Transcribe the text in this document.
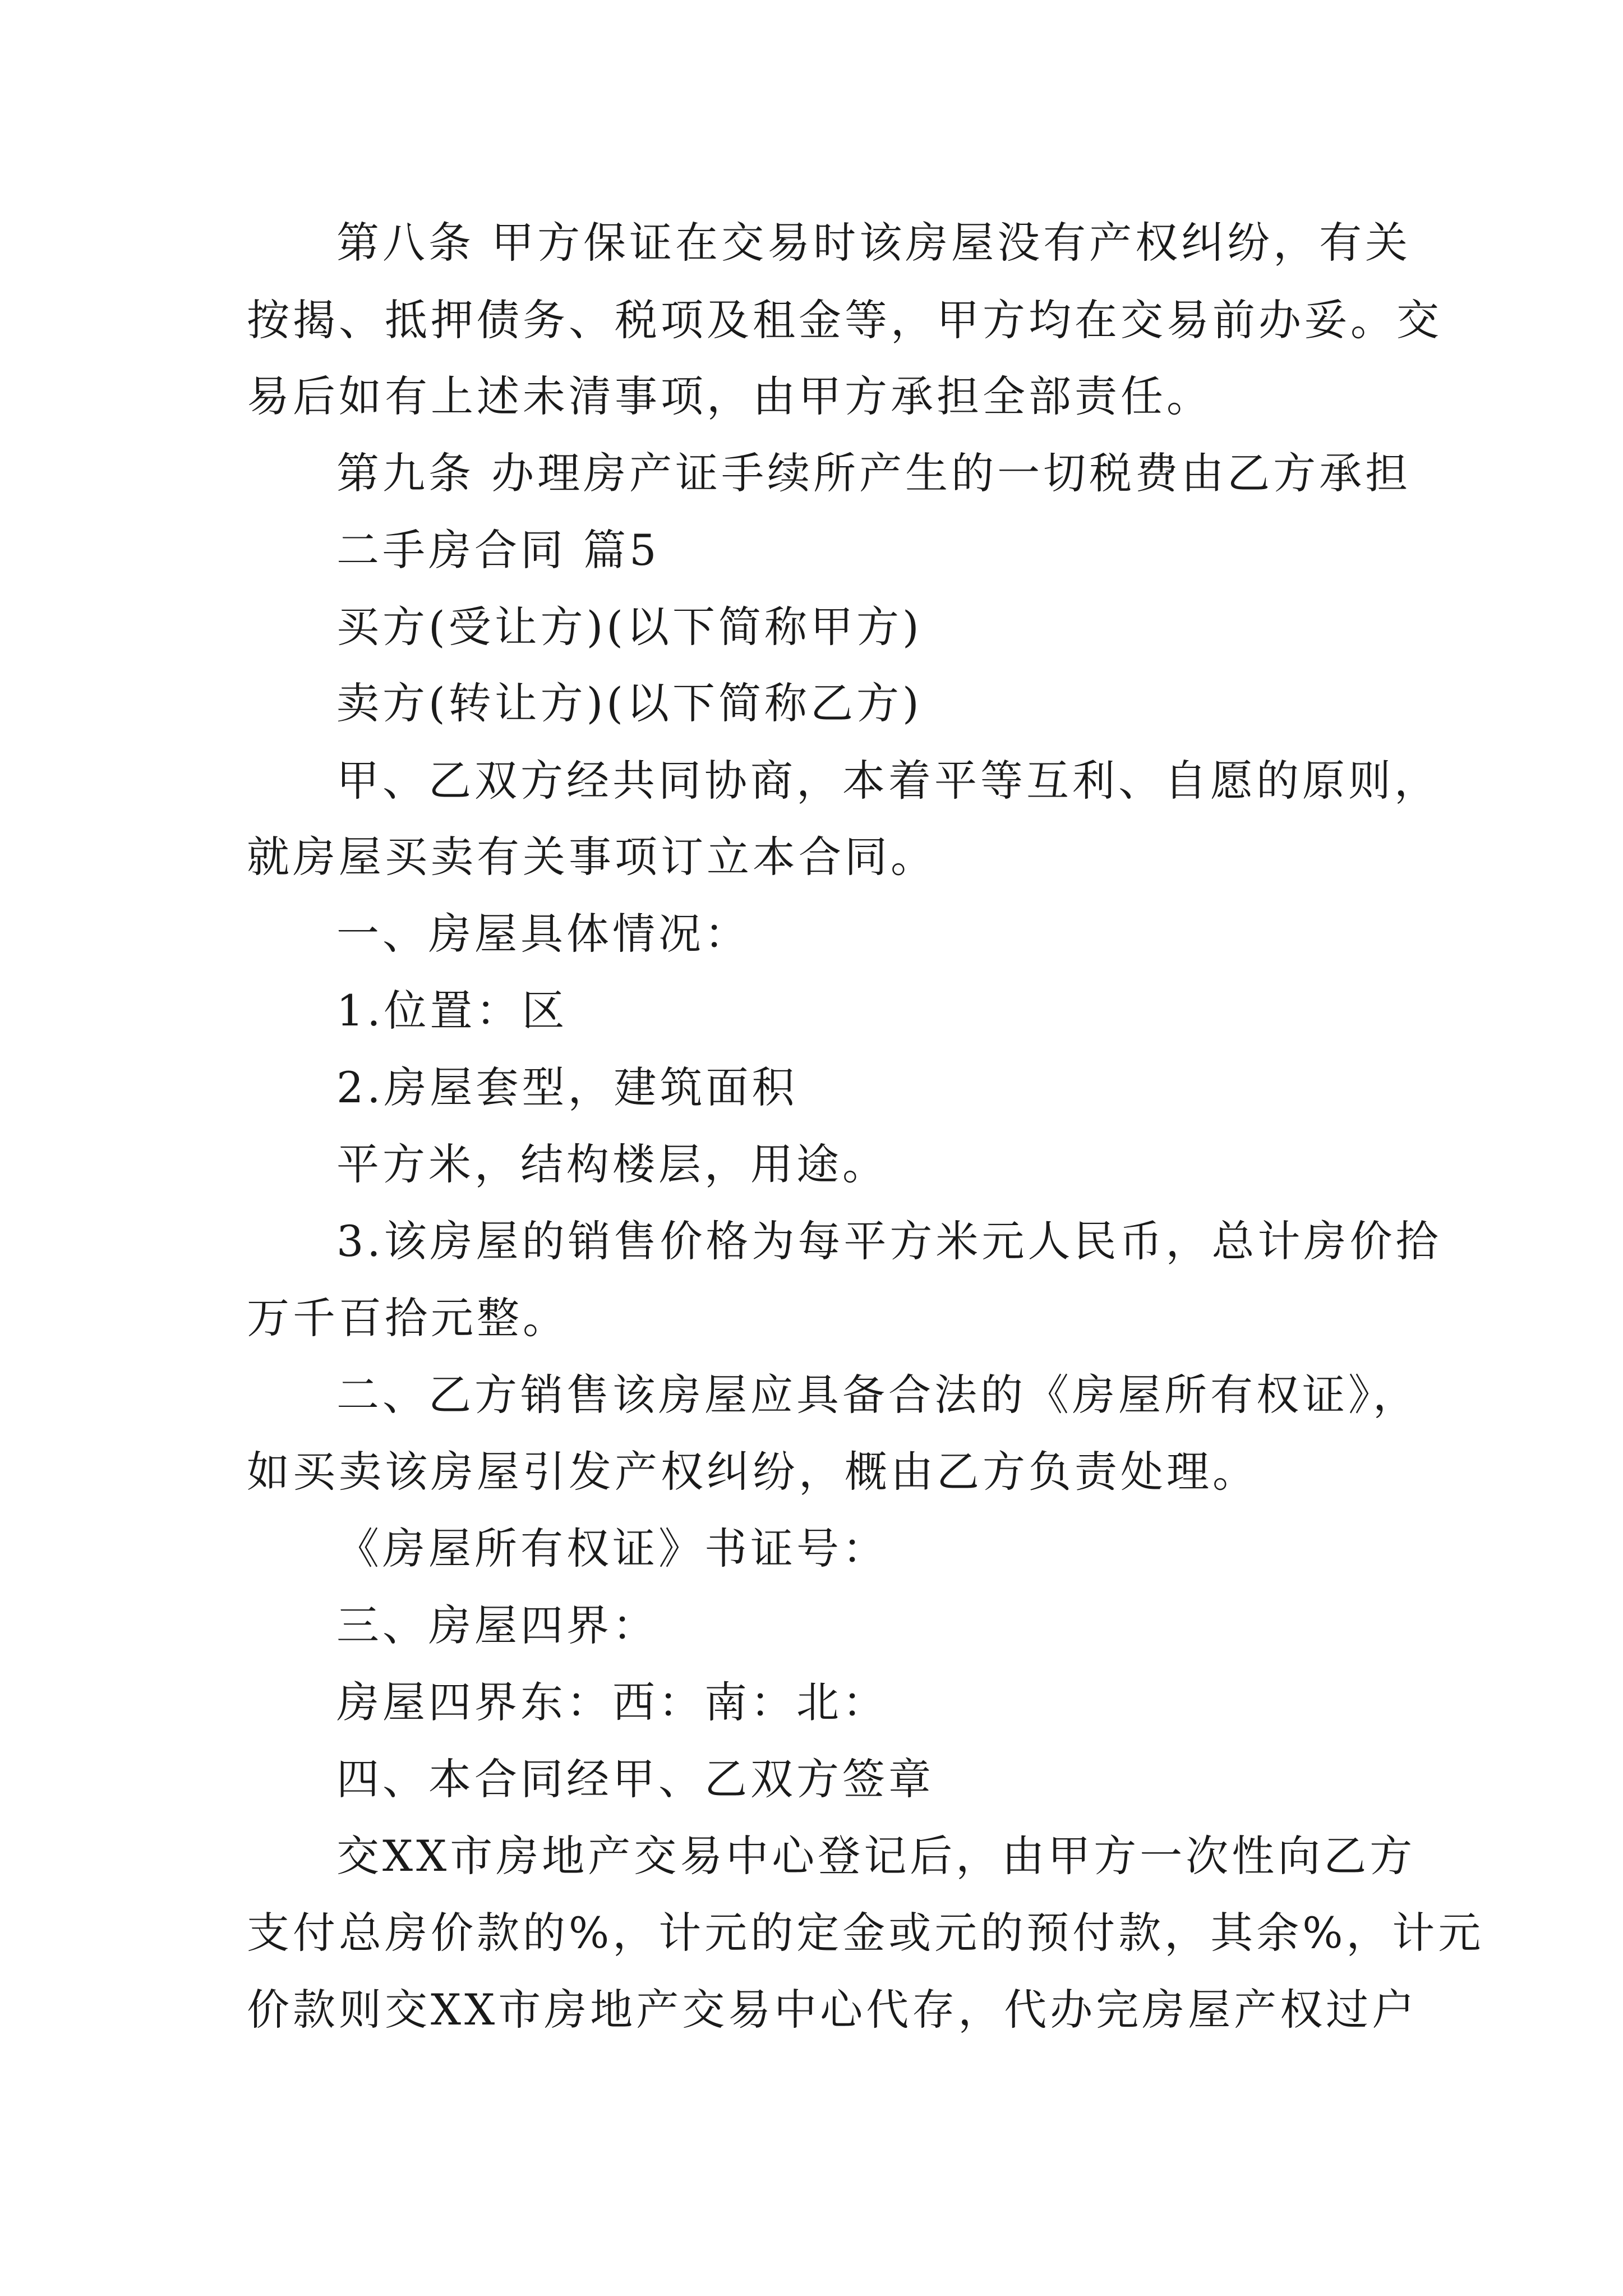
第八条 甲方保证在交易时该房屋没有产权纠纷，有关
按揭、抵押债务、税项及租金等，甲方均在交易前办妥。交
易后如有上述未清事项，由甲方承担全部责任。
第九条 办理房产证手续所产生的一切税费由乙方承担
二手房合同 篇5
买方(受让方)(以下简称甲方)
卖方(转让方)(以下简称乙方)
甲、乙双方经共同协商，本着平等互利、自愿的原则，
就房屋买卖有关事项订立本合同。
一、房屋具体情况：
1.位置：区
2.房屋套型，建筑面积
平方米，结构楼层，用途。
3.该房屋的销售价格为每平方米元人民币，总计房价拾
万千百拾元整。
二、乙方销售该房屋应具备合法的《房屋所有权证》，
如买卖该房屋引发产权纠纷，概由乙方负责处理。
《房屋所有权证》书证号：
三、房屋四界：
房屋四界东：西：南：北：
四、本合同经甲、乙双方签章
交XX市房地产交易中心登记后，由甲方一次性向乙方
支付总房价款的%，计元的定金或元的预付款，其余%，计元
价款则交XX市房地产交易中心代存，代办完房屋产权过户
